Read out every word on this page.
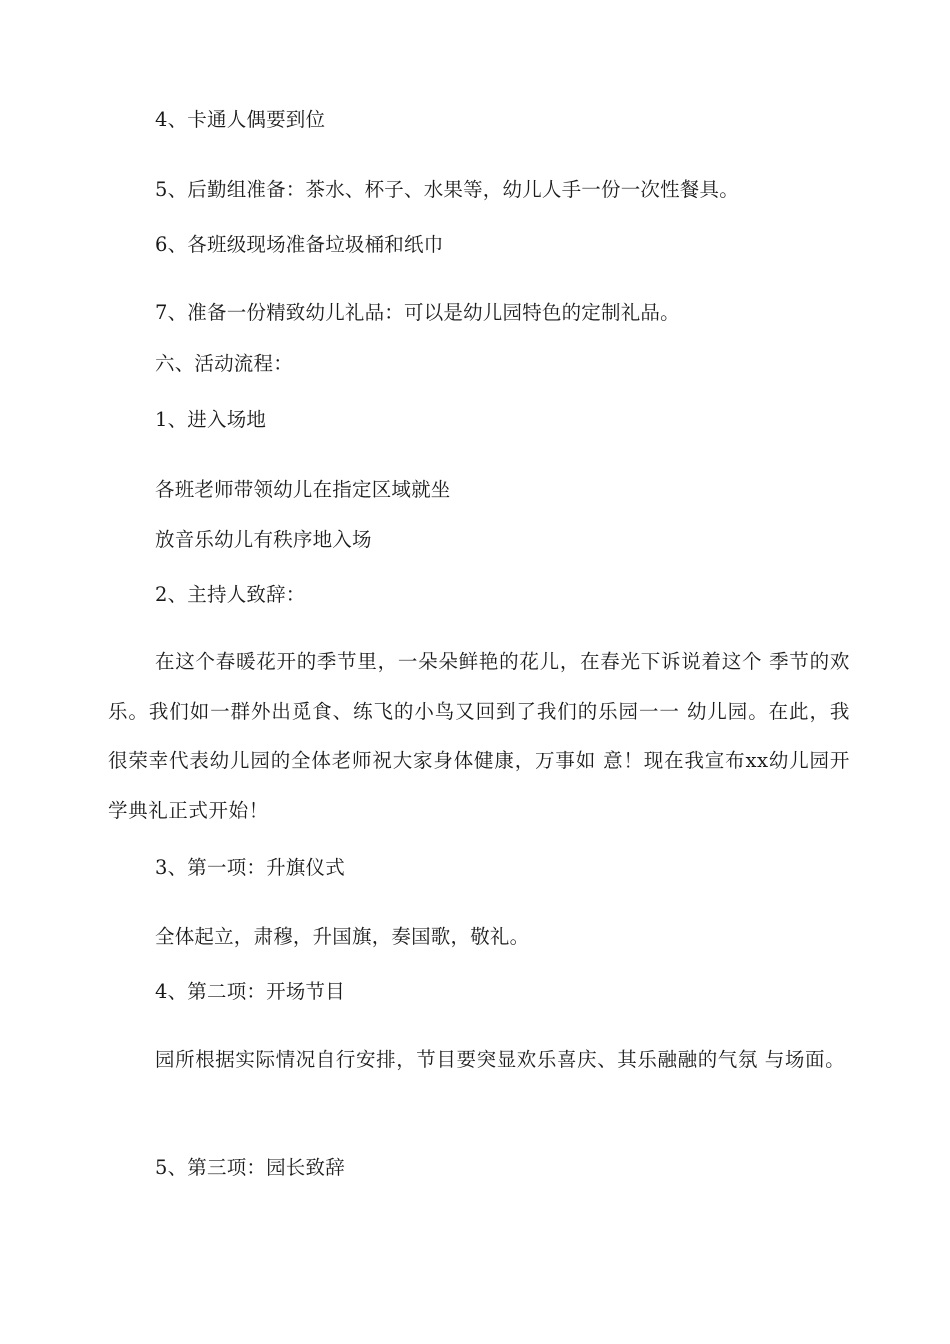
4、卡通人偶要到位
5、后勤组准备：茶水、杯子、水果等，幼儿人手一份一次性餐具。
6、各班级现场准备垃圾桶和纸巾
7、准备一份精致幼儿礼品：可以是幼儿园特色的定制礼品。
六、活动流程：
1、进入场地
各班老师带领幼儿在指定区域就坐
放音乐幼儿有秩序地入场
2、主持人致辞：
在这个春暖花开的季节里，一朵朵鲜艳的花儿，在春光下诉说着这个 季节的欢乐。我们如一群外出觅食、练飞的小鸟又回到了我们的乐园一一 幼儿园。在此，我很荣幸代表幼儿园的全体老师祝大家身体健康，万事如 意！现在我宣布xx幼儿园开学典礼正式开始！
3、第一项：升旗仪式
全体起立，肃穆，升国旗，奏国歌，敬礼。
4、第二项：开场节目
园所根据实际情况自行安排，节目要突显欢乐喜庆、其乐融融的气氛 与场面。
5、第三项：园长致辞
